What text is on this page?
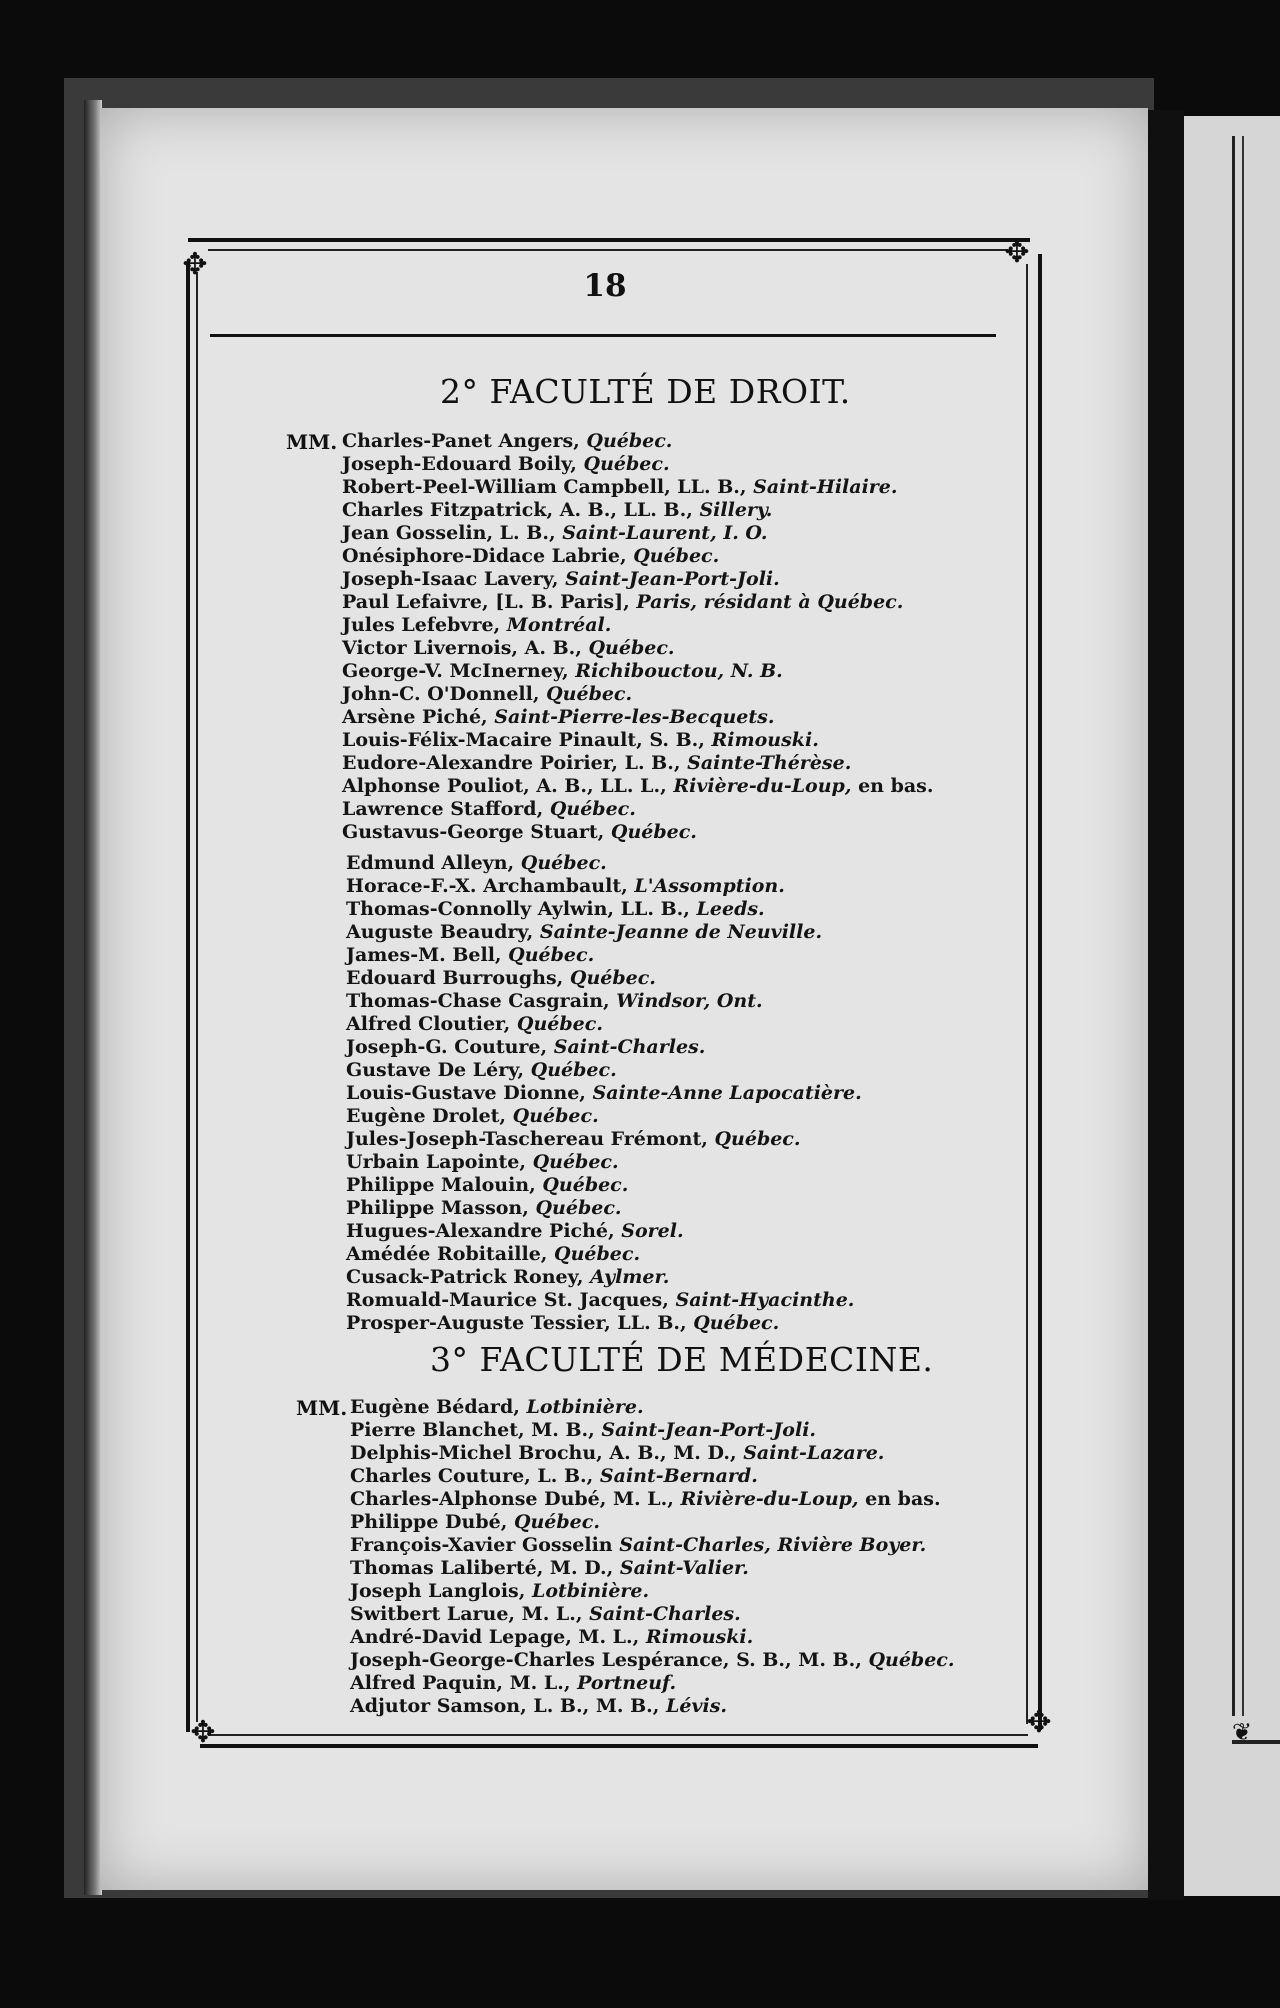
❦
✥	✥
✥	✥
18
2° FACULTÉ DE DROIT.
MM. Charles-Panet Angers, Québec.
Joseph-Edouard Boily, Québec.
Robert-Peel-William Campbell, LL. B., Saint-Hilaire.
Charles Fitzpatrick, A. B., LL. B., Sillery.
Jean Gosselin, L. B., Saint-Laurent, I. O.
Onésiphore-Didace Labrie, Québec.
Joseph-Isaac Lavery, Saint-Jean-Port-Joli.
Paul Lefaivre, [L. B. Paris], Paris, résidant à Québec.
Jules Lefebvre, Montréal.
Victor Livernois, A. B., Québec.
George-V. McInerney, Richibouctou, N. B.
John-C. O'Donnell, Québec.
Arsène Piché, Saint-Pierre-les-Becquets.
Louis-Félix-Macaire Pinault, S. B., Rimouski.
Eudore-Alexandre Poirier, L. B., Sainte-Thérèse.
Alphonse Pouliot, A. B., LL. L., Rivière-du-Loup, en bas.
Lawrence Stafford, Québec.
Gustavus-George Stuart, Québec.
Edmund Alleyn, Québec.
Horace-F.-X. Archambault, L'Assomption.
Thomas-Connolly Aylwin, LL. B., Leeds.
Auguste Beaudry, Sainte-Jeanne de Neuville.
James-M. Bell, Québec.
Edouard Burroughs, Québec.
Thomas-Chase Casgrain, Windsor, Ont.
Alfred Cloutier, Québec.
Joseph-G. Couture, Saint-Charles.
Gustave De Léry, Québec.
Louis-Gustave Dionne, Sainte-Anne Lapocatière.
Eugène Drolet, Québec.
Jules-Joseph-Taschereau Frémont, Québec.
Urbain Lapointe, Québec.
Philippe Malouin, Québec.
Philippe Masson, Québec.
Hugues-Alexandre Piché, Sorel.
Amédée Robitaille, Québec.
Cusack-Patrick Roney, Aylmer.
Romuald-Maurice St. Jacques, Saint-Hyacinthe.
Prosper-Auguste Tessier, LL. B., Québec.
3° FACULTÉ DE MÉDECINE.
MM. Eugène Bédard, Lotbinière.
Pierre Blanchet, M. B., Saint-Jean-Port-Joli.
Delphis-Michel Brochu, A. B., M. D., Saint-Lazare.
Charles Couture, L. B., Saint-Bernard.
Charles-Alphonse Dubé, M. L., Rivière-du-Loup, en bas.
Philippe Dubé, Québec.
François-Xavier Gosselin Saint-Charles, Rivière Boyer.
Thomas Laliberté, M. D., Saint-Valier.
Joseph Langlois, Lotbinière.
Switbert Larue, M. L., Saint-Charles.
André-David Lepage, M. L., Rimouski.
Joseph-George-Charles Lespérance, S. B., M. B., Québec.
Alfred Paquin, M. L., Portneuf.
Adjutor Samson, L. B., M. B., Lévis.
